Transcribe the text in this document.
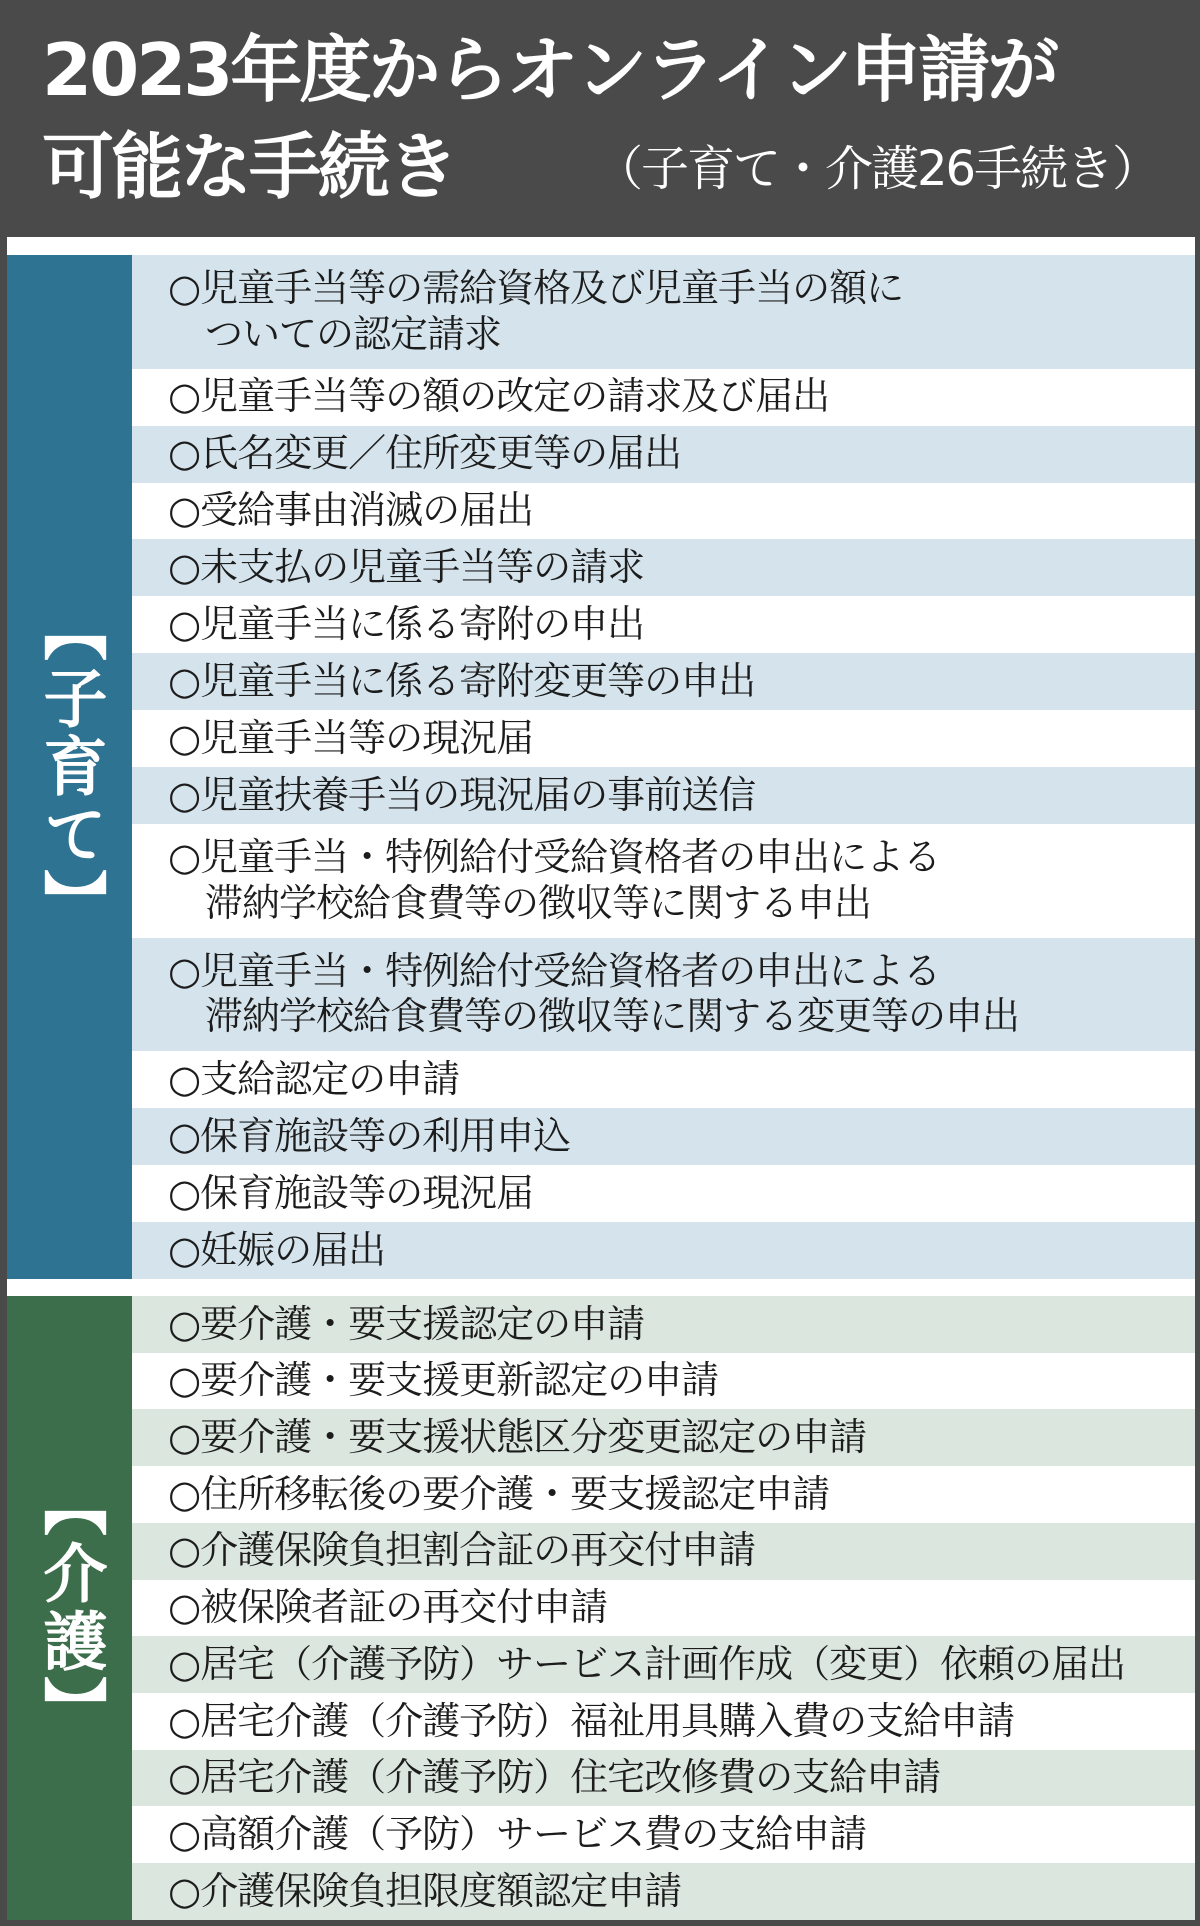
2023年度からオンライン申請が
可能な手続き	（子育て・介護26手続き）
【子育て】
○児童手当等の需給資格及び児童手当の額に
　ついての認定請求
○児童手当等の額の改定の請求及び届出
○氏名変更／住所変更等の届出
○受給事由消滅の届出
○未支払の児童手当等の請求
○児童手当に係る寄附の申出
○児童手当に係る寄附変更等の申出
○児童手当等の現況届
○児童扶養手当の現況届の事前送信
○児童手当・特例給付受給資格者の申出による
　滞納学校給食費等の徴収等に関する申出
○児童手当・特例給付受給資格者の申出による
　滞納学校給食費等の徴収等に関する変更等の申出
○支給認定の申請
○保育施設等の利用申込
○保育施設等の現況届
○妊娠の届出
【介護】
○要介護・要支援認定の申請
○要介護・要支援更新認定の申請
○要介護・要支援状態区分変更認定の申請
○住所移転後の要介護・要支援認定申請
○介護保険負担割合証の再交付申請
○被保険者証の再交付申請
○居宅（介護予防）サービス計画作成（変更）依頼の届出
○居宅介護（介護予防）福祉用具購入費の支給申請
○居宅介護（介護予防）住宅改修費の支給申請
○高額介護（予防）サービス費の支給申請
○介護保険負担限度額認定申請
